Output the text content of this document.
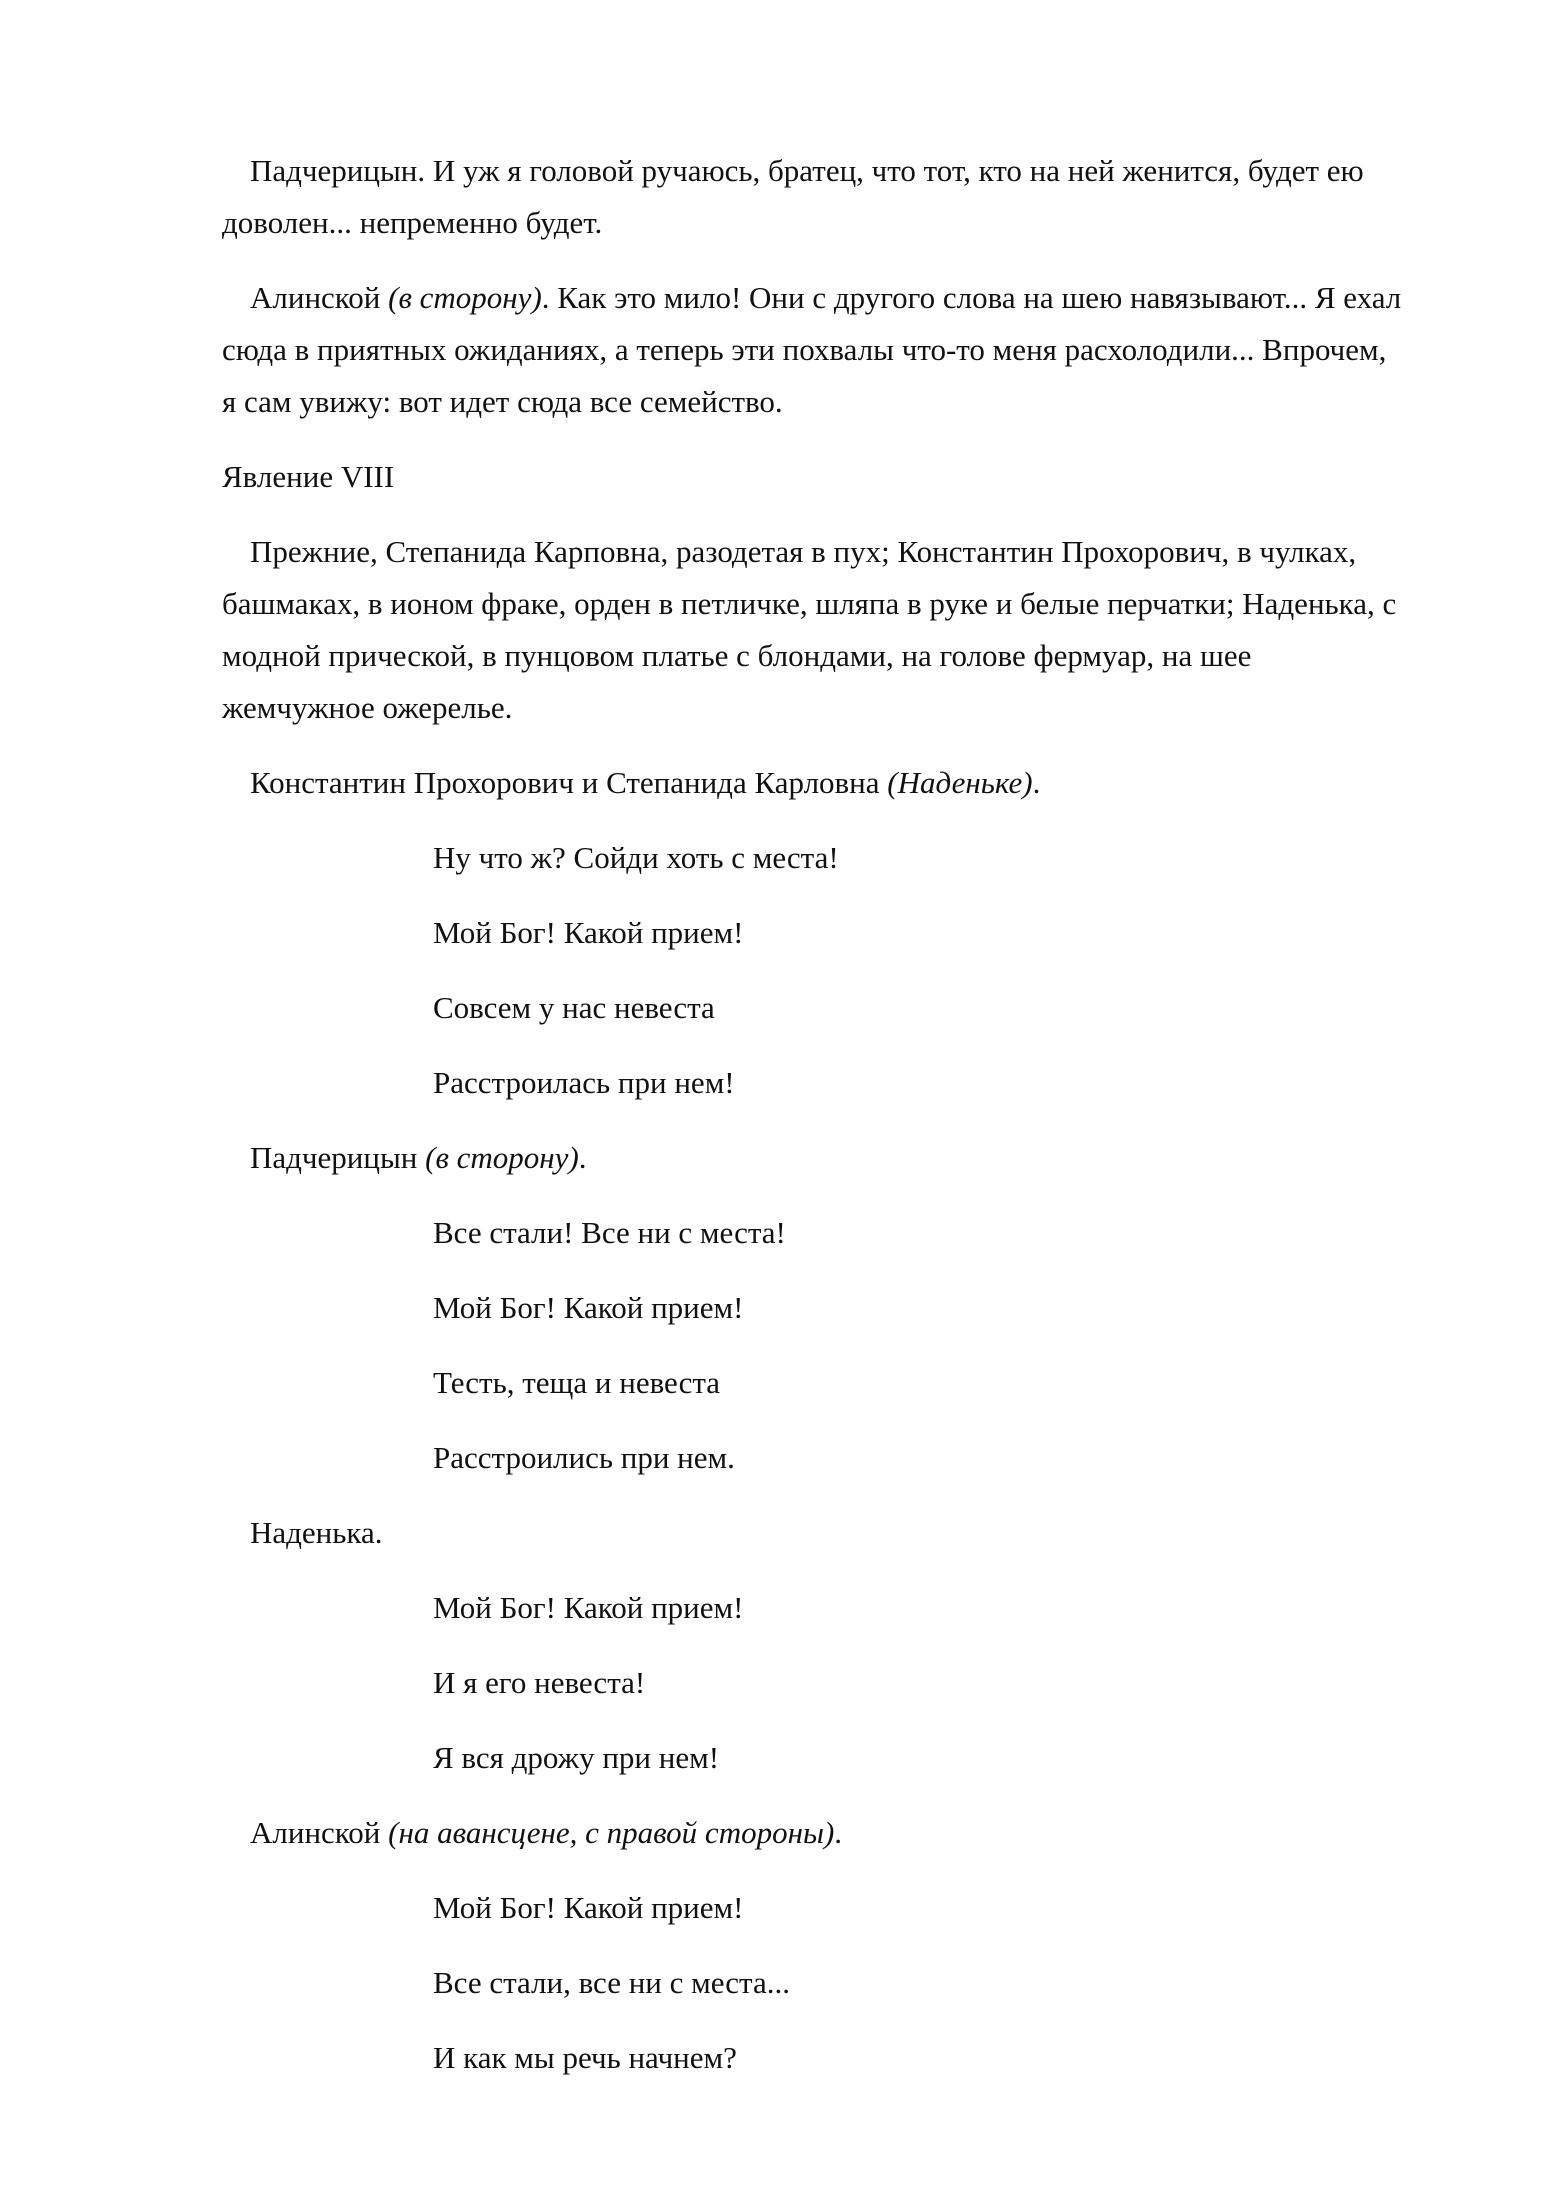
Падчерицын. И уж я головой ручаюсь, братец, что тот, кто на ней женится, будет ею доволен... непременно будет.

Алинской (в сторону). Как это мило! Они с другого слова на шею навязывают... Я ехал сюда в приятных ожиданиях, а теперь эти похвалы что-то меня расхолодили... Впрочем, я сам увижу: вот идет сюда все семейство.

Явление VIII

Прежние, Степанида Карповна, разодетая в пух; Константин Прохорович, в чулках, башмаках, в ионом фраке, орден в петличке, шляпа в руке и белые перчатки; Наденька, с модной прической, в пунцовом платье с блондами, на голове фермуар, на шее жемчужное ожерелье.

Константин Прохорович и Степанида Карловна (Наденьке).

Ну что ж? Сойди хоть с места!

Мой Бог! Какой прием!

Совсем у нас невеста

Расстроилась при нем!

Падчерицын (в сторону).

Все стали! Все ни с места!

Мой Бог! Какой прием!

Тесть, теща и невеста

Расстроились при нем.

Наденька.

Мой Бог! Какой прием!

И я его невеста!

Я вся дрожу при нем!

Алинской (на авансцене, с правой стороны).

Мой Бог! Какой прием!

Все стали, все ни с места...

И как мы речь начнем?
